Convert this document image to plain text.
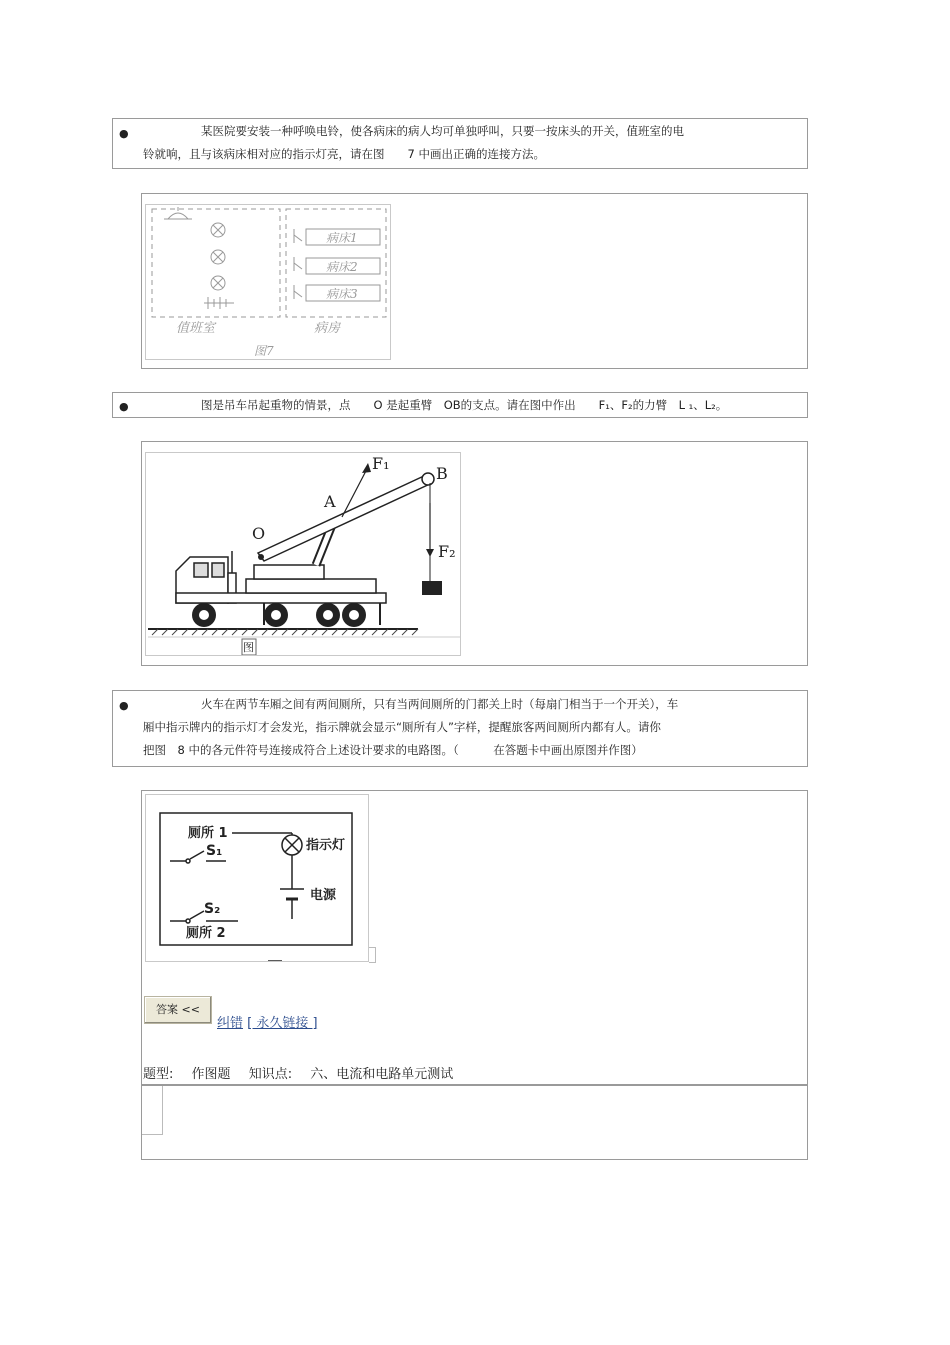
●	某医院要安装一种呼唤电铃，使各病床的病人均可单独呼叫，只要一按床头的开关，值班室的电
铃就响，且与该病床相对应的指示灯亮，请在图　　7 中画出正确的连接方法。
病床1
病床2
病床3
值班室	病房
图7
●	图是吊车吊起重物的情景，点　　O 是起重臂　OB的支点。请在图中作出　　F₁、F₂的力臂　L ₁、L₂。
F₁
F₂
A
B
O
图
●	火车在两节车厢之间有两间厕所，只有当两间厕所的门都关上时（每扇门相当于一个开关），车
厢中指示牌内的指示灯才会发光，指示牌就会显示“厕所有人”字样，提醒旅客两间厕所内都有人。请你
把图　8 中的各元件符号连接成符合上述设计要求的电路图。（　　　在答题卡中画出原图并作图）
厕所 1
S₁
S₂
厕所 2
指示灯
电源
答案 <<
纠错 [ 永久链接 ]
题型: 作图题 知识点: 六、电流和电路单元测试
